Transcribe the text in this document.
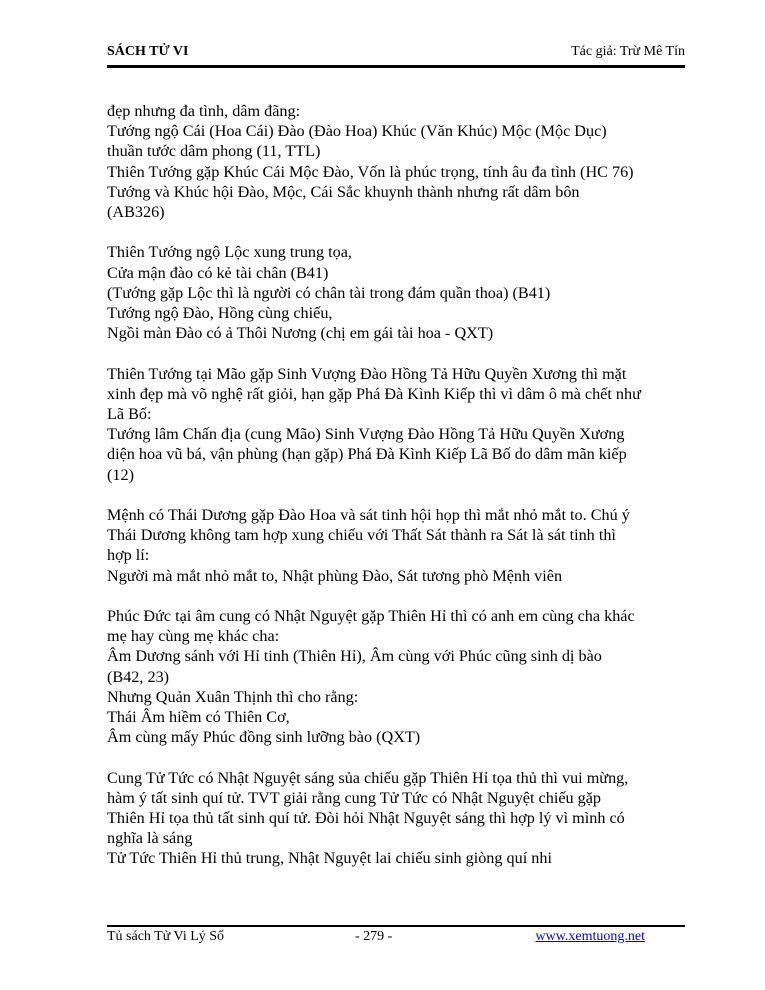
SÁCH TỬ VI	Tác giả: Trừ Mê Tín
đẹp nhưng đa tình, dâm đãng:
Tướng ngộ Cái (Hoa Cái) Đào (Đào Hoa) Khúc (Văn Khúc) Mộc (Mộc Dục)
thuần tước dâm phong (11, TTL)
Thiên Tướng gặp Khúc Cái Mộc Đào, Vốn là phúc trọng, tính âu đa tình (HC 76)
Tướng và Khúc hội Đào, Mộc, Cái Sắc khuynh thành nhưng rất dâm bôn
(AB326)
Thiên Tướng ngộ Lộc xung trung tọa,
Cửa mận đào có kẻ tài chân (B41)
(Tướng gặp Lộc thì là người có chân tài trong đám quần thoa) (B41)
Tướng ngộ Đào, Hồng cùng chiếu,
Ngồi màn Đào có ả Thôi Nương (chị em gái tài hoa - QXT)
Thiên Tướng tại Mão gặp Sinh Vượng Đào Hồng Tả Hữu Quyền Xương thì mặt
xinh đẹp mà võ nghệ rất giỏi, hạn gặp Phá Đà Kình Kiếp thì vì dâm ô mà chết như
Lã Bố:
Tướng lâm Chấn địa (cung Mão) Sinh Vượng Đào Hồng Tả Hữu Quyền Xương
diện hoa vũ bá, vận phùng (hạn gặp) Phá Đà Kình Kiếp Lã Bố do dâm mãn kiếp
(12)
Mệnh có Thái Dương gặp Đào Hoa và sát tinh hội họp thì mắt nhỏ mắt to. Chú ý
Thái Dương không tam hợp xung chiếu với Thất Sát thành ra Sát là sát tinh thì
hợp lí:
Người mà mắt nhỏ mắt to, Nhật phùng Đào, Sát tương phò Mệnh viên
Phúc Đức tại âm cung có Nhật Nguyệt gặp Thiên Hỉ thì có anh em cùng cha khác
mẹ hay cùng mẹ khác cha:
Âm Dương sánh với Hỉ tinh (Thiên Hỉ), Âm cùng với Phúc cũng sinh dị bào
(B42, 23)
Nhưng Quản Xuân Thịnh thì cho rằng:
Thái Âm hiềm có Thiên Cơ,
Âm cùng mấy Phúc đồng sinh lưỡng bào (QXT)
Cung Tử Tức có Nhật Nguyệt sáng sủa chiếu gặp Thiên Hỉ tọa thủ thì vui mừng,
hàm ý tất sinh quí tử. TVT giải rằng cung Tử Tức có Nhật Nguyệt chiếu gặp
Thiên Hỉ tọa thủ tất sinh quí tử. Đòi hỏi Nhật Nguyệt sáng thì hợp lý vì mình có
nghĩa là sáng
Tử Tức Thiên Hỉ thủ trung, Nhật Nguyệt lai chiếu sinh giòng quí nhi
Tủ sách Tử Vi Lý Số	- 279 -	www.xemtuong.net
